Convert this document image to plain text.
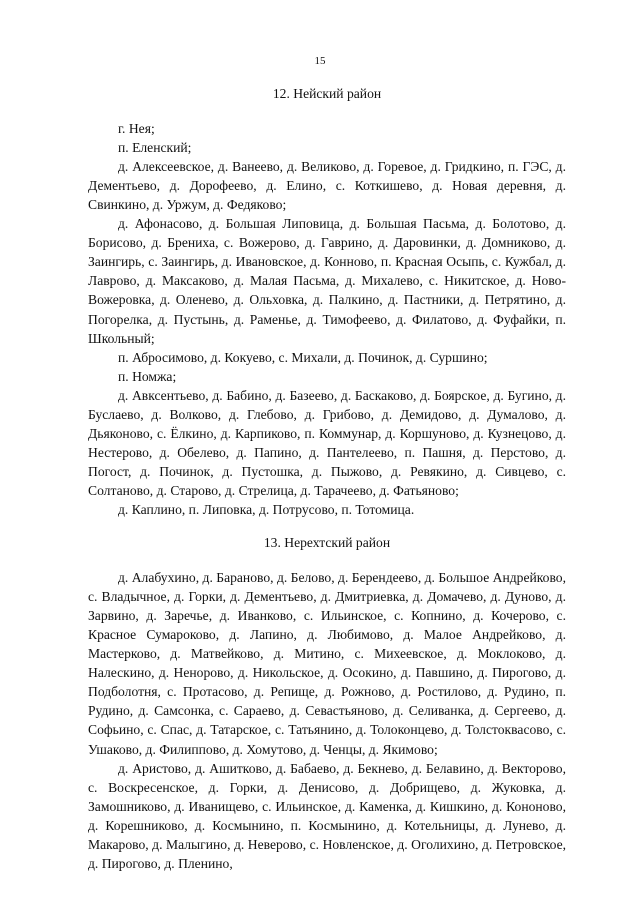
15
12. Нейский район

г. Нея;

п. Еленский;

д. Алексеевское, д. Ванеево, д. Великово, д. Горевое, д. Гридкино, п. ГЭС, д. Дементьево, д. Дорофеево, д. Елино, с. Коткишево, д. Новая деревня, д. Свинкино, д. Уржум, д. Федяково;

д. Афонасово, д. Большая Липовица, д. Большая Пасьма, д. Болотово, д. Борисово, д. Брениха, с. Вожерово, д. Гаврино, д. Даровинки, д. Домниково, д. Заингирь, с. Заингирь, д. Ивановское, д. Конново, п. Красная Осыпь, с. Кужбал, д. Лаврово, д. Максаково, д. Малая Пасьма, д. Михалево, с. Никитское, д. Ново-Вожеровка, д. Оленево, д. Ольховка, д. Палкино, д. Пастники, д. Петрятино, д. Погорелка, д. Пустынь, д. Раменье, д. Тимофеево, д. Филатово, д. Фуфайки, п. Школьный;

п. Абросимово, д. Кокуево, с. Михали, д. Починок, д. Суршино;

п. Номжа;

д. Авксентьево, д. Бабино, д. Базеево, д. Баскаково, д. Боярское, д. Бугино, д. Буслаево, д. Волково, д. Глебово, д. Грибово, д. Демидово, д. Думалово, д. Дьяконово, с. Ёлкино, д. Карпиково, п. Коммунар, д. Коршуново, д. Кузнецово, д. Нестерово, д. Обелево, д. Папино, д. Пантелеево, п. Пашня, д. Перстово, д. Погост, д. Починок, д. Пустошка, д. Пыжово, д. Ревякино, д. Сивцево, с. Солтаново, д. Старово, д. Стрелица, д. Тарачеево, д. Фатьяново;

д. Каплино, п. Липовка, д. Потрусово, п. Тотомица.

13. Нерехтский район

д. Алабухино, д. Бараново, д. Белово, д. Берендеево, д. Большое Андрейково, с. Владычное, д. Горки, д. Дементьево, д. Дмитриевка, д. Домачево, д. Дуново, д. Зарвино, д. Заречье, д. Иванково, с. Ильинское, с. Копнино, д. Кочерово, с. Красное Сумароково, д. Лапино, д. Любимово, д. Малое Андрейково, д. Мастерково, д. Матвейково, д. Митино, с. Михеевское, д. Моклоково, д. Налескино, д. Ненорово, д. Никольское, д. Осокино, д. Павшино, д. Пирогово, д. Подболотня, с. Протасово, д. Репище, д. Рожново, д. Ростилово, д. Рудино, п. Рудино, д. Самсонка, с. Сараево, д. Севастьяново, д. Селиванка, д. Сергеево, д. Софьино, с. Спас, д. Татарское, с. Татьянино, д. Толоконцево, д. Толстоквасово, с. Ушаково, д. Филиппово, д. Хомутово, д. Ченцы, д. Якимово;

д. Аристово, д. Ашитково, д. Бабаево, д. Бекнево, д. Белавино, д. Векторово, с. Воскресенское, д. Горки, д. Денисово, д. Добрищево, д. Жуковка, д. Замошниково, д. Иванищево, с. Ильинское, д. Каменка, д. Кишкино, д. Кононово, д. Корешниково, д. Космынино, п. Космынино, д. Котельницы, д. Лунево, д. Макарово, д. Малыгино, д. Неверово, с. Новленское, д. Оголихино, д. Петровское, д. Пирогово, д. Пленино,
